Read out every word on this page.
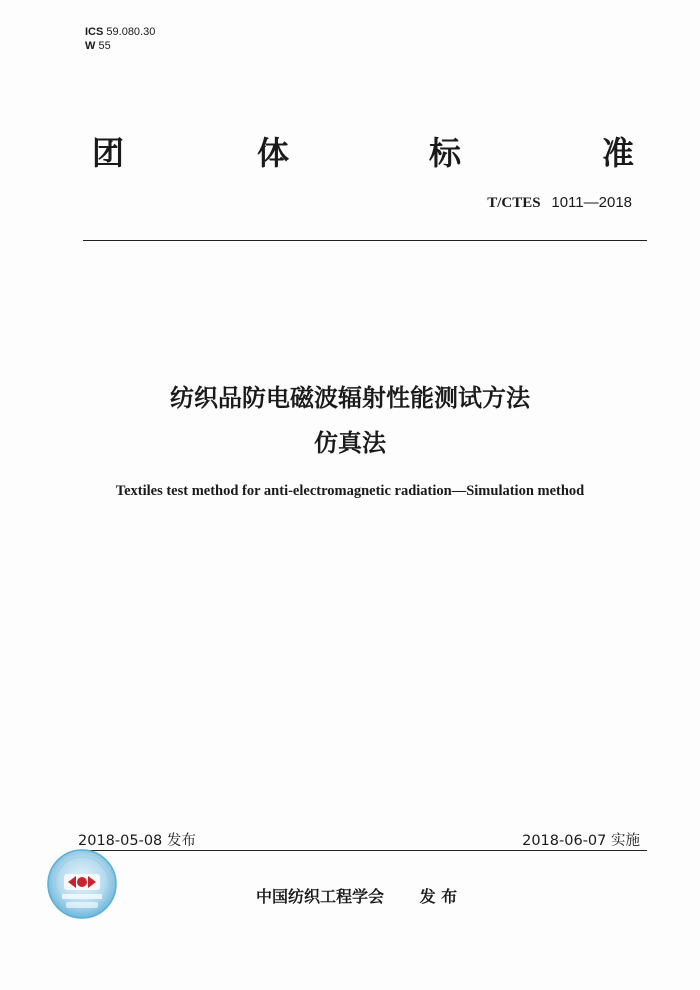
ICS 59.080.30
W 55
团	体	标	准
T/CTES 1011—2018
纺织品防电磁波辐射性能测试方法
仿真法
Textiles test method for anti-electromagnetic radiation—Simulation method
2018-05-08 发布	2018-06-07 实施
中国纺织工程学会 发 布
